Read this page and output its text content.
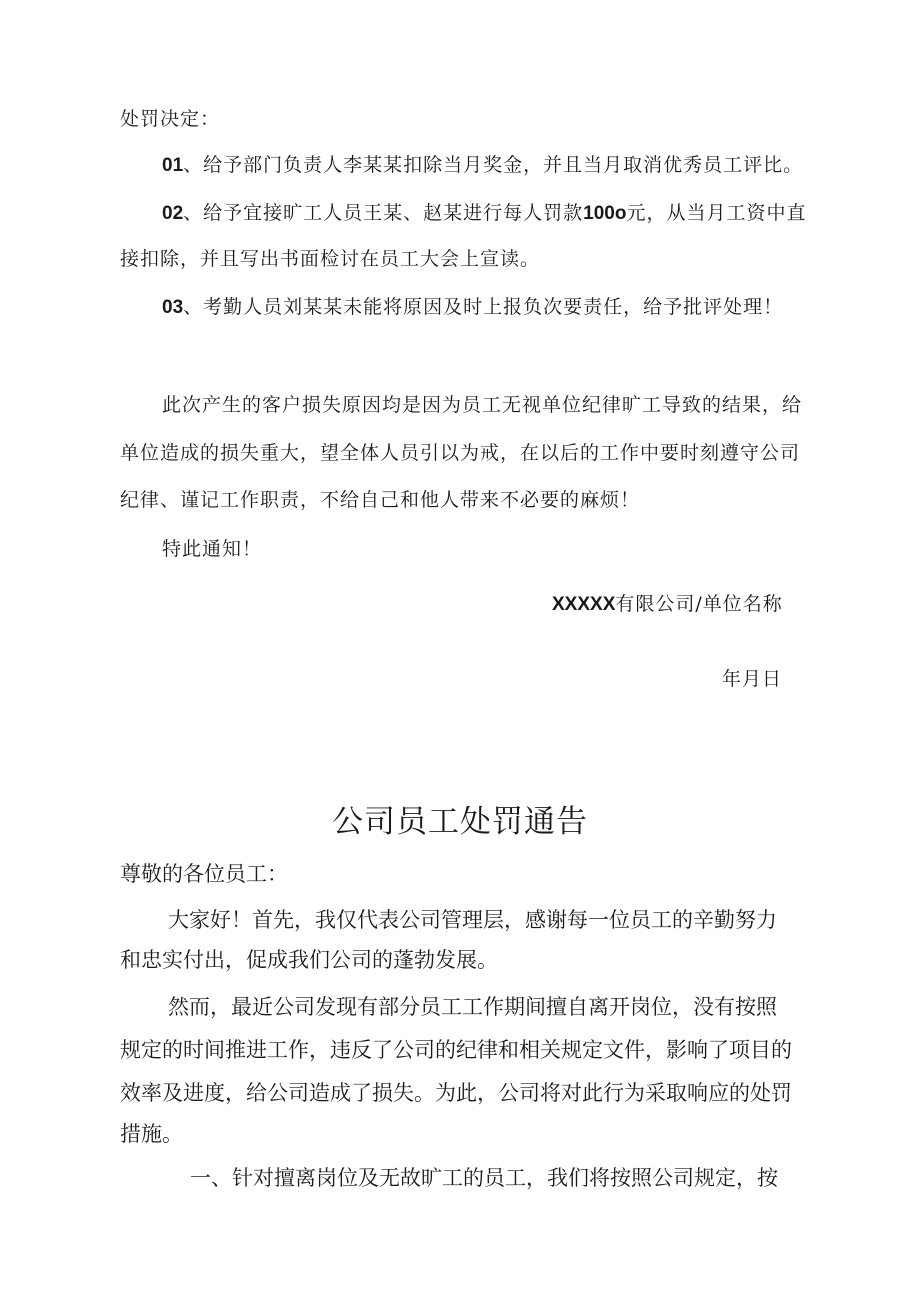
处罚决定：
01、给予部门负责人李某某扣除当月奖金，并且当月取消优秀员工评比。
02、给予宜接旷工人员王某、赵某进行每人罚款100o元，从当月工资中直
接扣除，并且写出书面检讨在员工大会上宣读。
03、考勤人员刘某某未能将原因及时上报负次要责任，给予批评处理！
此次产生的客户损失原因均是因为员工无视单位纪律旷工导致的结果，给
单位造成的损失重大，望全体人员引以为戒，在以后的工作中要时刻遵守公司
纪律、谨记工作职责，不给自己和他人带来不必要的麻烦！
特此通知！
XXXXX有限公司/单位名称
年月日
公司员工处罚通告
尊敬的各位员工：
大家好！首先，我仅代表公司管理层，感谢每一位员工的辛勤努力
和忠实付出，促成我们公司的蓬勃发展。
然而，最近公司发现有部分员工工作期间擅自离开岗位，没有按照
规定的时间推进工作，违反了公司的纪律和相关规定文件，影响了项目的
效率及进度，给公司造成了损失。为此，公司将对此行为采取响应的处罚
措施。
一、针对擅离岗位及无故旷工的员工，我们将按照公司规定，按
